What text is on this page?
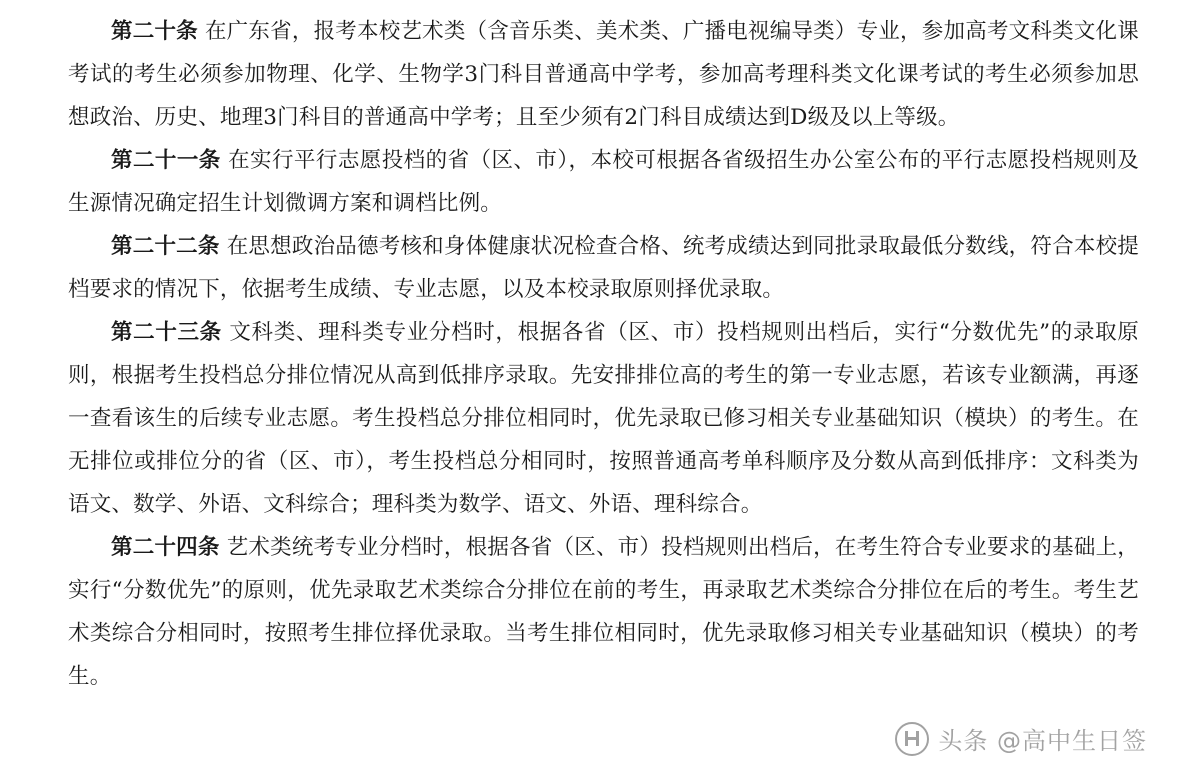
第二十条 在广东省，报考本校艺术类（含音乐类、美术类、广播电视编导类）专业，参加高考文科类文化课考试的考生必须参加物理、化学、生物学3门科目普通高中学考，参加高考理科类文化课考试的考生必须参加思想政治、历史、地理3门科目的普通高中学考；且至少须有2门科目成绩达到D级及以上等级。

第二十一条 在实行平行志愿投档的省（区、市），本校可根据各省级招生办公室公布的平行志愿投档规则及生源情况确定招生计划微调方案和调档比例。

第二十二条 在思想政治品德考核和身体健康状况检查合格、统考成绩达到同批录取最低分数线，符合本校提档要求的情况下，依据考生成绩、专业志愿，以及本校录取原则择优录取。

第二十三条 文科类、理科类专业分档时，根据各省（区、市）投档规则出档后，实行“分数优先”的录取原则，根据考生投档总分排位情况从高到低排序录取。先安排排位高的考生的第一专业志愿，若该专业额满，再逐一查看该生的后续专业志愿。考生投档总分排位相同时，优先录取已修习相关专业基础知识（模块）的考生。在无排位或排位分的省（区、市），考生投档总分相同时，按照普通高考单科顺序及分数从高到低排序：文科类为语文、数学、外语、文科综合；理科类为数学、语文、外语、理科综合。

第二十四条 艺术类统考专业分档时，根据各省（区、市）投档规则出档后，在考生符合专业要求的基础上，实行“分数优先”的原则，优先录取艺术类综合分排位在前的考生，再录取艺术类综合分排位在后的考生。考生艺术类综合分相同时，按照考生排位择优录取。当考生排位相同时，优先录取修习相关专业基础知识（模块）的考生。

头条 @高中生日签
